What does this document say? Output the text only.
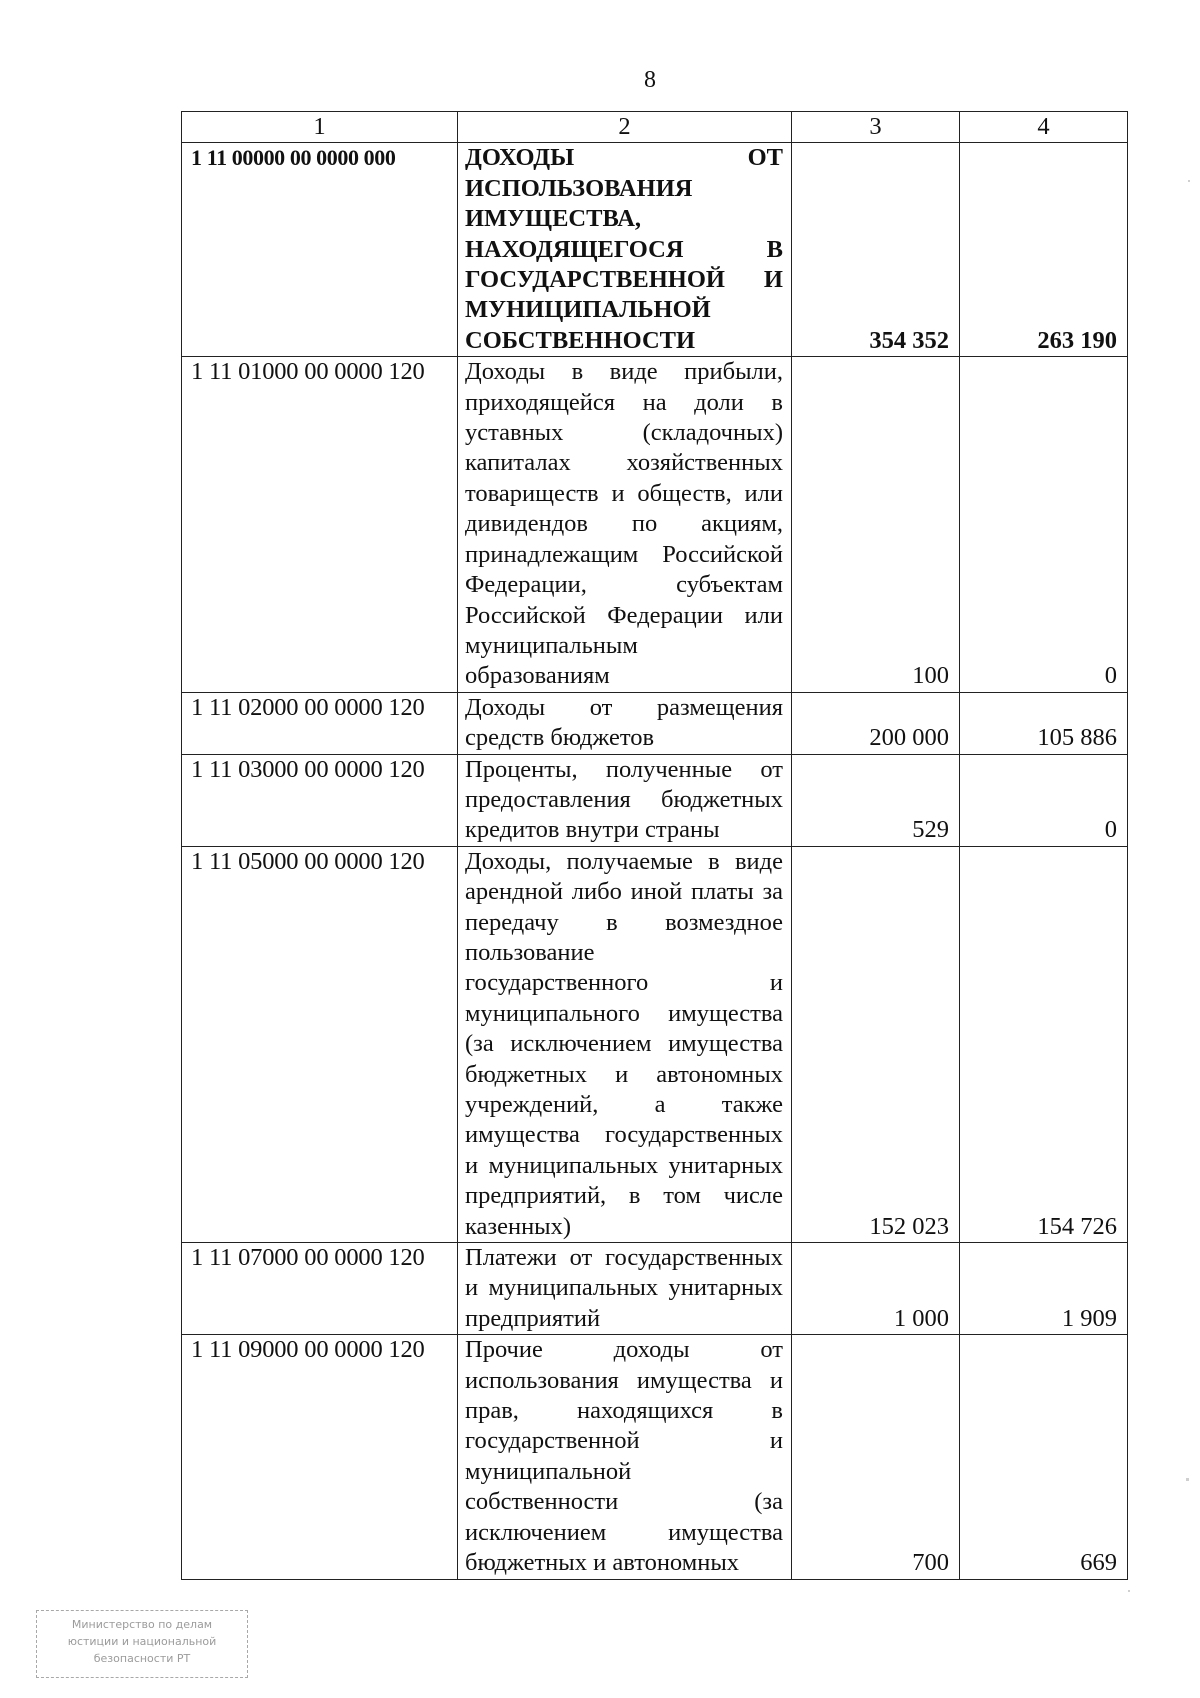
8
1	2	3	4
1 11 00000 00 0000 000	ДОХОДЫ ОТ ИСПОЛЬЗОВАНИЯ ИМУЩЕСТВА, НАХОДЯЩЕГОСЯ В ГОСУДАРСТВЕННОЙ И МУНИЦИПАЛЬНОЙ СОБСТВЕННОСТИ	354 352	263 190
1 11 01000 00 0000 120	Доходы в виде прибыли, приходящейся на доли в уставных (складочных) капиталах хозяйственных товариществ и обществ, или дивидендов по акциям, принадлежащим Российской Федерации, субъектам Российской Федерации или муниципальным образованиям	100	0
1 11 02000 00 0000 120	Доходы от размещения средств бюджетов	200 000	105 886
1 11 03000 00 0000 120	Проценты, полученные от предоставления бюджетных кредитов внутри страны	529	0
1 11 05000 00 0000 120	Доходы, получаемые в виде арендной либо иной платы за передачу в возмездное пользование государственного и муниципального имущества (за исключением имущества бюджетных и автономных учреждений, а также имущества государственных и муниципальных унитарных предприятий, в том числе казенных)	152 023	154 726
1 11 07000 00 0000 120	Платежи от государственных и муниципальных унитарных предприятий	1 000	1 909
1 11 09000 00 0000 120	Прочие доходы от использования имущества и прав, находящихся в государственной и муниципальной собственности (за исключением имущества бюджетных и автономных	700	669
Министерство по делам
юстиции и национальной
безопасности РТ
